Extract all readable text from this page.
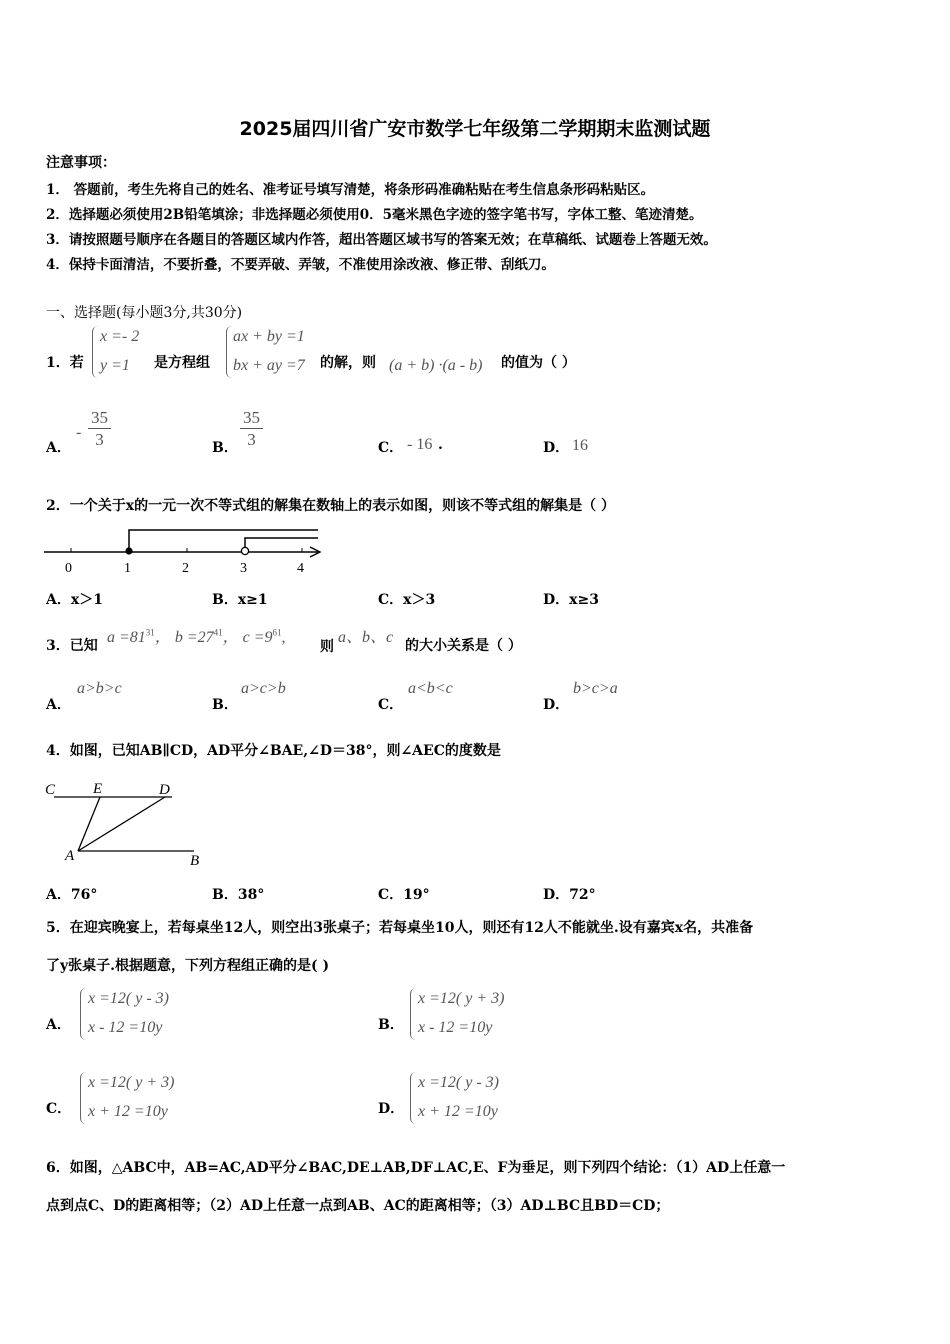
2025届四川省广安市数学七年级第二学期期末监测试题
注意事项：
1． 答题前，考生先将自己的姓名、准考证号填写清楚，将条形码准确粘贴在考生信息条形码粘贴区。
2．选择题必须使用2B铅笔填涂；非选择题必须使用0．5毫米黑色字迹的签字笔书写，字体工整、笔迹清楚。
3．请按照题号顺序在各题目的答题区域内作答，超出答题区域书写的答案无效；在草稿纸、试题卷上答题无效。
4．保持卡面清洁，不要折叠，不要弄破、弄皱，不准使用涂改液、修正带、刮纸刀。
一、选择题(每小题3分,共30分)
1．若
x =- 2
y =1	是方程组
ax + by =1
bx + ay =7 的解，则 (a + b) ·(a - b) 的值为（ ）
A．
- $\frac{35}{3}$	B． $\frac{35}{3}$	C． - 16 .	D． 16
2．一个关于x的一元一次不等式组的解集在数轴上的表示如图，则该不等式组的解集是（ ）
0	1	2	3	4
A．x＞1	B．x≥1	C．x＞3	D．x≥3
3．已知 $a =81^{31}$， $b =27^{41}$， $c =9^{61}$,
则
a、b、c 的大小关系是（ ）
A．
a>b>c
B．
a>c>b
C．
a<b<c
D．
b>c>a
4．如图，已知AB∥CD，AD平分∠BAE,∠D＝38°，则∠AEC的度数是
C	E	D
A	B
A．76°	B．38°	C．19°	D．72°
5．在迎宾晚宴上，若每桌坐12人，则空出3张桌子；若每桌坐10人，则还有12人不能就坐.设有嘉宾x名，共准备
了y张桌子.根据题意，下列方程组正确的是( )
A．
x =12( y - 3)
x - 12 =10y	B．
x =12( y + 3)
x - 12 =10y
C．
x =12( y + 3)
x + 12 =10y	D．
x =12( y - 3)
x + 12 =10y
6．如图，△ABC中，AB=AC,AD平分∠BAC,DE⊥AB,DF⊥AC,E、F为垂足，则下列四个结论：（1）AD上任意一
点到点C、D的距离相等；（2）AD上任意一点到AB、AC的距离相等；（3）AD⊥BC且BD＝CD；
